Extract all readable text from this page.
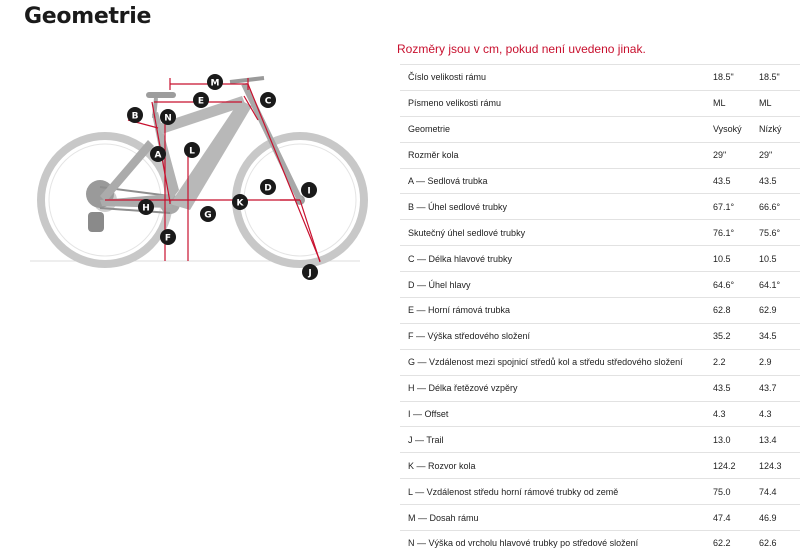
Geometrie
A
B
C
D
E
F
G
H
I
J
K
L
M
N
Rozměry jsou v cm, pokud není uvedeno jinak.
Číslo velikosti rámu	18.5"	18.5"
Písmeno velikosti rámu	ML	ML
Geometrie	Vysoký	Nízký
Rozměr kola	29"	29"
A — Sedlová trubka	43.5	43.5
B — Úhel sedlové trubky	67.1°	66.6°
Skutečný úhel sedlové trubky	76.1°	75.6°
C — Délka hlavové trubky	10.5	10.5
D — Úhel hlavy	64.6°	64.1°
E — Horní rámová trubka	62.8	62.9
F — Výška středového složení	35.2	34.5
G — Vzdálenost mezi spojnicí středů kol a středu středového složení	2.2	2.9
H — Délka řetězové vzpěry	43.5	43.7
I — Offset	4.3	4.3
J — Trail	13.0	13.4
K — Rozvor kola	124.2	124.3
L — Vzdálenost středu horní rámové trubky od země	75.0	74.4
M — Dosah rámu	47.4	46.9
N — Výška od vrcholu hlavové trubky po středové složení	62.2	62.6
